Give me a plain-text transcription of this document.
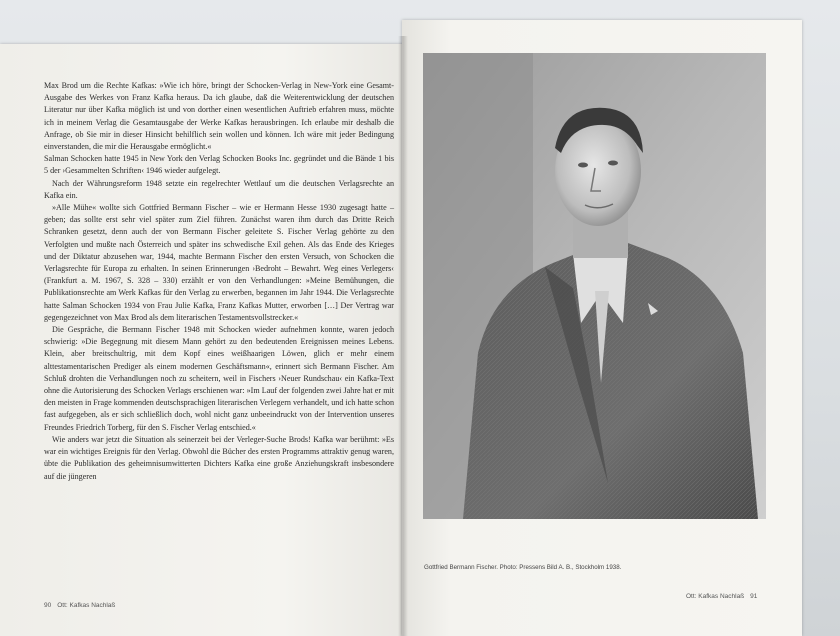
Max Brod um die Rechte Kafkas: »Wie ich höre, bringt der Schocken-Verlag in New-York eine Gesamt-Ausgabe des Werkes von Franz Kafka heraus. Da ich glaube, daß die Weiterentwicklung der deutschen Literatur nur über Kafka möglich ist und von dorther einen wesentlichen Auftrieb erfahren muss, möchte ich in meinem Verlag die Gesamtausgabe der Werke Kafkas herausbringen. Ich erlaube mir deshalb die Anfrage, ob Sie mir in dieser Hinsicht behilflich sein wollen und können. Ich wäre mit jeder Bedingung einverstanden, die mir die Herausgabe ermöglicht.«

Salman Schocken hatte 1945 in New York den Verlag Schocken Books Inc. gegründet und die Bände 1 bis 5 der ›Gesammelten Schriften‹ 1946 wieder aufgelegt.

Nach der Währungsreform 1948 setzte ein regelrechter Wettlauf um die deutschen Verlagsrechte an Kafka ein.

»Alle Mühe« wollte sich Gottfried Bermann Fischer – wie er Hermann Hesse 1930 zugesagt hatte – geben; das sollte erst sehr viel später zum Ziel führen. Zunächst waren ihm durch das Dritte Reich Schranken gesetzt, denn auch der von Bermann Fischer geleitete S. Fischer Verlag gehörte zu den Verfolgten und mußte nach Österreich und später ins schwedische Exil gehen. Als das Ende des Krieges und der Diktatur abzusehen war, 1944, machte Bermann Fischer den ersten Versuch, von Schocken die Verlagsrechte für Europa zu erhalten. In seinen Erinnerungen ›Bedroht – Bewahrt. Weg eines Verlegers‹ (Frankfurt a. M. 1967, S. 328 – 330) erzählt er von den Verhandlungen: »Meine Bemühungen, die Publikationsrechte am Werk Kafkas für den Verlag zu erwerben, begannen im Jahr 1944. Die Verlagsrechte hatte Salman Schocken 1934 von Frau Julie Kafka, Franz Kafkas Mutter, erworben […] Der Vertrag war gegengezeichnet von Max Brod als dem literarischen Testamentsvollstrecker.«

Die Gespräche, die Bermann Fischer 1948 mit Schocken wieder aufnehmen konnte, waren jedoch schwierig: »Die Begegnung mit diesem Mann gehört zu den bedeutenden Ereignissen meines Lebens. Klein, aber breitschultrig, mit dem Kopf eines weißhaarigen Löwen, glich er mehr einem alttestamentarischen Prediger als einem modernen Geschäftsmann«, erinnert sich Bermann Fischer. Am Schluß drohten die Verhandlungen noch zu scheitern, weil in Fischers ›Neuer Rundschau‹ ein Kafka-Text ohne die Autorisierung des Schocken Verlags erschienen war: »Im Lauf der folgenden zwei Jahre hat er mit den meisten in Frage kommenden deutschsprachigen literarischen Verlegern verhandelt, und ich hatte schon fast aufgegeben, als er sich schließlich doch, wohl nicht ganz unbeeindruckt von der Intervention unseres Freundes Friedrich Torberg, für den S. Fischer Verlag entschied.«

Wie anders war jetzt die Situation als seinerzeit bei der Verleger-Suche Brods! Kafka war berühmt: »Es war ein wichtiges Ereignis für den Verlag. Obwohl die Bücher des ersten Programms attraktiv genug waren, übte die Publikation des geheimnisumwitterten Dichters Kafka eine große Anziehungskraft insbesondere auf die jüngeren

90 Ott: Kafkas Nachlaß
Gottfried Bermann Fischer. Photo: Pressens Bild A. B., Stockholm 1938.
Ott: Kafkas Nachlaß 91
